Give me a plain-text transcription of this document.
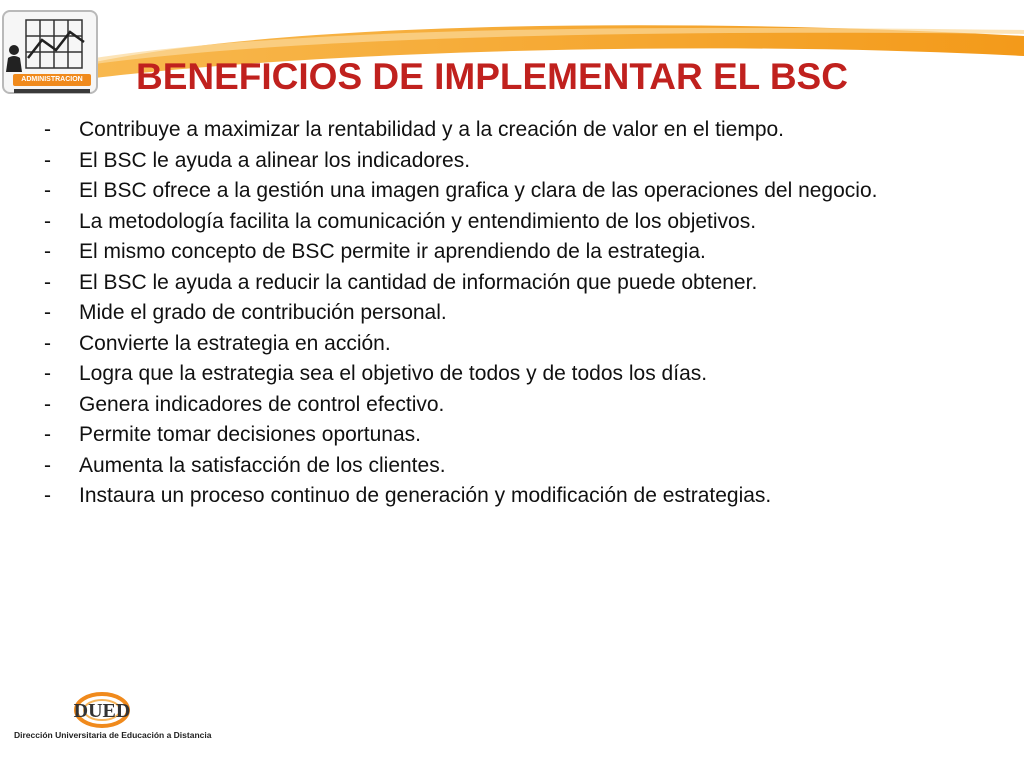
ADMINISTRACION BENEFICIOS DE IMPLEMENTAR EL BSC
- Contribuye a maximizar la rentabilidad y a la creación de valor en el tiempo.
- El BSC le ayuda a alinear los indicadores.
- El BSC ofrece a la gestión una imagen grafica y clara de las operaciones del negocio.
- La metodología facilita la comunicación y entendimiento de los objetivos.
- El mismo concepto de BSC permite ir aprendiendo de la estrategia.
- El BSC le ayuda a reducir la cantidad de información que puede obtener.
- Mide el grado de contribución personal.
- Convierte la estrategia en acción.
- Logra que la estrategia sea el objetivo de todos y de todos los días.
- Genera indicadores de control efectivo.
- Permite tomar decisiones oportunas.
- Aumenta la satisfacción de los clientes.
- Instaura un proceso continuo de generación y modificación de estrategias.
DUED
Dirección Universitaria de Educación a Distancia
